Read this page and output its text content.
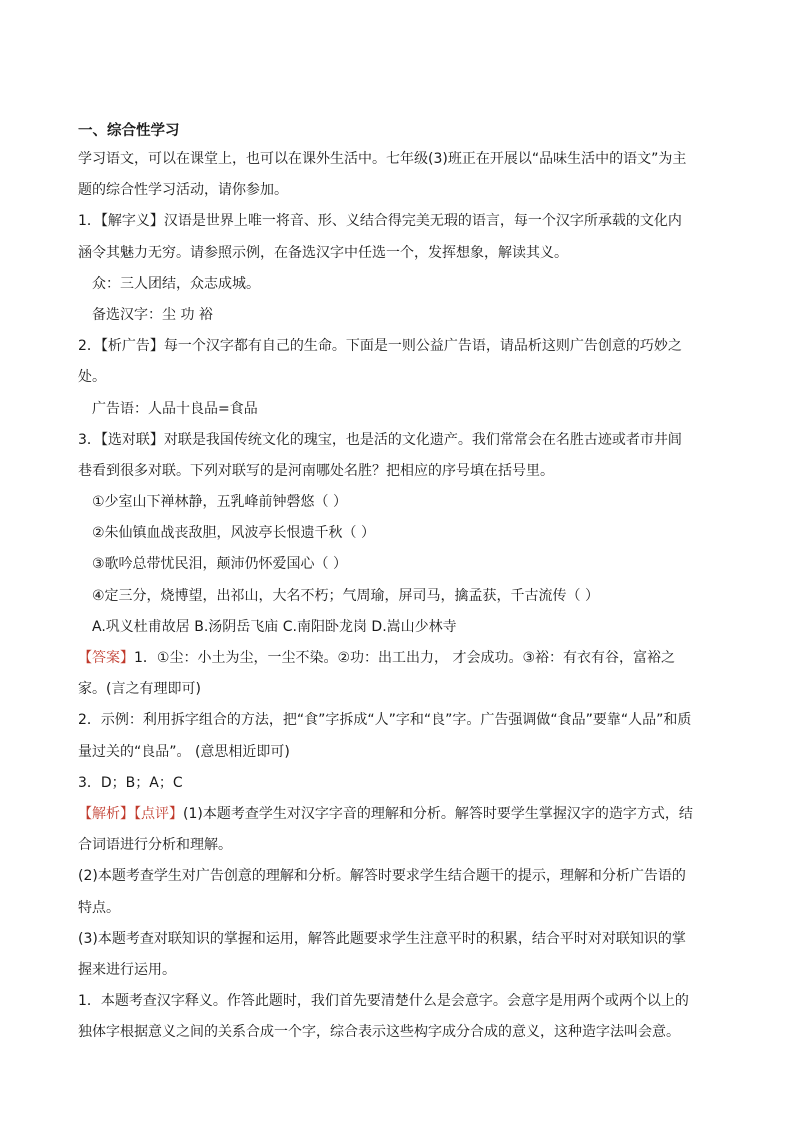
一、综合性学习
学习语文，可以在课堂上，也可以在课外生活中。七年级(3)班正在开展以“品味生活中的语文”为主
题的综合性学习活动，请你参加。
1．【解字义】汉语是世界上唯一将音、形、义结合得完美无瑕的语言，每一个汉字所承载的文化内
涵令其魅力无穷。请参照示例，在备选汉字中任选一个，发挥想象，解读其义。
众：三人团结，众志成城。
备选汉字：尘 功 裕
2．【析广告】每一个汉字都有自己的生命。下面是一则公益广告语，请品析这则广告创意的巧妙之
处。
广告语：人品十良品=食品
3．【选对联】对联是我国传统文化的瑰宝，也是活的文化遗产。我们常常会在名胜古迹或者市井闾
巷看到很多对联。下列对联写的是河南哪处名胜？把相应的序号填在括号里。
①少室山下禅林静，五乳峰前钟磬悠（ ）
②朱仙镇血战丧敌胆，风波亭长恨遗千秋（ ）
③歌吟总带忧民泪，颠沛仍怀爱国心（ ）
④定三分，烧博望，出祁山，大名不朽；气周瑜，屏司马，擒孟获，千古流传（ ）
A.巩义杜甫故居 B.汤阴岳飞庙 C.南阳卧龙岗 D.嵩山少林寺
【答案】1．①尘：小土为尘，一尘不染。②功：出工出力， 才会成功。③裕：有衣有谷，富裕之
家。(言之有理即可)
2．示例：利用拆字组合的方法，把“食”字拆成“人”字和“良”字。广告强调做“食品”要靠“人品”和质
量过关的“良品”。 (意思相近即可)
3．D；B；A；C
【解析】【点评】(1)本题考查学生对汉字字音的理解和分析。解答时要学生掌握汉字的造字方式，结
合词语进行分析和理解。
(2)本题考查学生对广告创意的理解和分析。解答时要求学生结合题干的提示，理解和分析广告语的
特点。
(3)本题考查对联知识的掌握和运用，解答此题要求学生注意平时的积累，结合平时对对联知识的掌
握来进行运用。
1．本题考查汉字释义。作答此题时，我们首先要清楚什么是会意字。会意字是用两个或两个以上的
独体字根据意义之间的关系合成一个字，综合表示这些构字成分合成的意义，这种造字法叫会意。
